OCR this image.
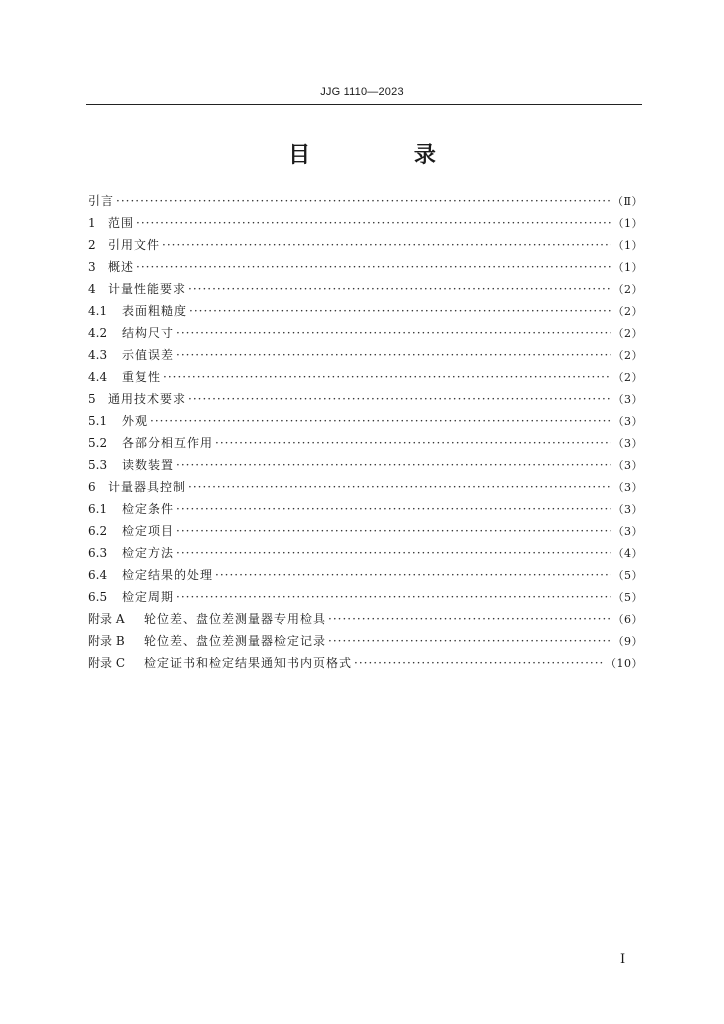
JJG 1110—2023
目 录
引言 ·····	（Ⅱ）
1	范围 ·····	（1）
2	引用文件 ·····	（1）
3	概述 ·····	（1）
4	计量性能要求 ·····	（2）
4.1	表面粗糙度 ·····	（2）
4.2	结构尺寸 ·····	（2）
4.3	示值误差 ·····	（2）
4.4	重复性 ·····	（2）
5	通用技术要求 ·····	（3）
5.1	外观 ·····	（3）
5.2	各部分相互作用 ·····	（3）
5.3	读数装置 ·····	（3）
6	计量器具控制 ·····	（3）
6.1	检定条件 ·····	（3）
6.2	检定项目 ·····	（3）
6.3	检定方法 ·····	（4）
6.4	检定结果的处理 ·····	（5）
6.5	检定周期 ·····	（5）
附录 A	轮位差、盘位差测量器专用检具 ·····	（6）
附录 B	轮位差、盘位差测量器检定记录 ·····	（9）
附录 C	检定证书和检定结果通知书内页格式 ·····	（10）
I
